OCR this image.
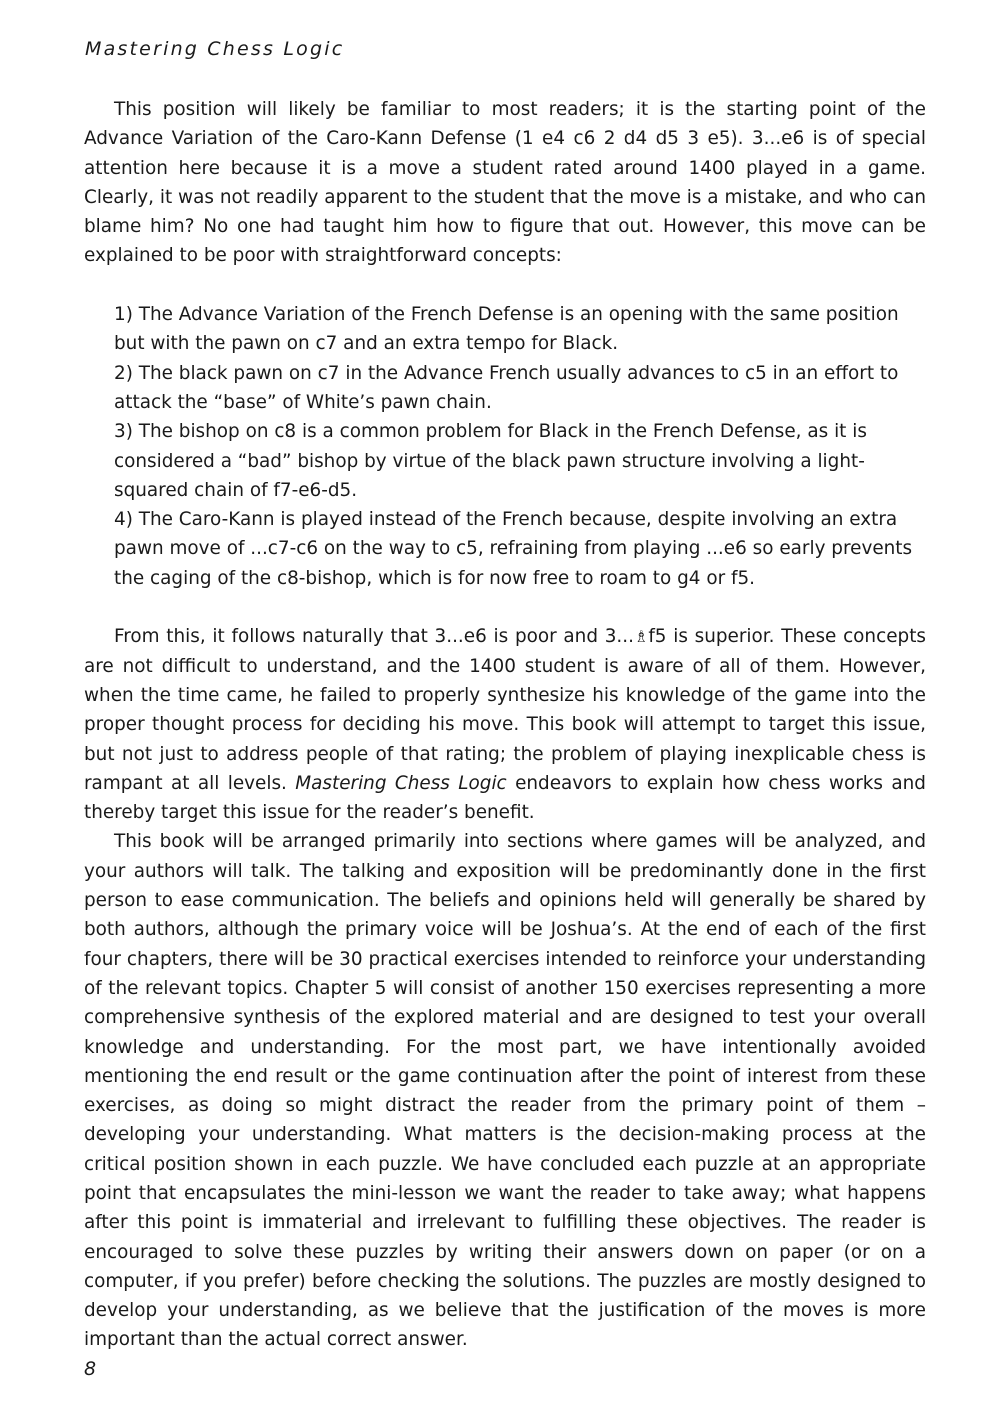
Mastering Chess Logic

This position will likely be familiar to most readers; it is the starting point of the Advance Variation of the Caro-Kann Defense (1 e4 c6 2 d4 d5 3 e5). 3...e6 is of special attention here because it is a move a student rated around 1400 played in a game. Clearly, it was not readily apparent to the student that the move is a mistake, and who can blame him? No one had taught him how to figure that out. However, this move can be explained to be poor with straightforward concepts:

1) The Advance Variation of the French Defense is an opening with the same position but with the pawn on c7 and an extra tempo for Black.
2) The black pawn on c7 in the Advance French usually advances to c5 in an effort to attack the “base” of White’s pawn chain.
3) The bishop on c8 is a common problem for Black in the French Defense, as it is considered a “bad” bishop by virtue of the black pawn structure involving a light-squared chain of f7-e6-d5.
4) The Caro-Kann is played instead of the French because, despite involving an extra pawn move of ...c7-c6 on the way to c5, refraining from playing ...e6 so early prevents the caging of the c8-bishop, which is for now free to roam to g4 or f5.

From this, it follows naturally that 3...e6 is poor and 3...♗f5 is superior. These concepts are not difficult to understand, and the 1400 student is aware of all of them. However, when the time came, he failed to properly synthesize his knowledge of the game into the proper thought process for deciding his move. This book will attempt to target this issue, but not just to address people of that rating; the problem of playing inexplicable chess is rampant at all levels. Mastering Chess Logic endeavors to explain how chess works and thereby target this issue for the reader’s benefit.

This book will be arranged primarily into sections where games will be analyzed, and your authors will talk. The talking and exposition will be predominantly done in the first person to ease communication. The beliefs and opinions held will generally be shared by both authors, although the primary voice will be Joshua’s. At the end of each of the first four chapters, there will be 30 practical exercises intended to reinforce your understanding of the relevant topics. Chapter 5 will consist of another 150 exercises representing a more comprehensive synthesis of the explored material and are designed to test your overall knowledge and understanding. For the most part, we have intentionally avoided mentioning the end result or the game continuation after the point of interest from these exercises, as doing so might distract the reader from the primary point of them – developing your understanding. What matters is the decision-making process at the critical position shown in each puzzle. We have concluded each puzzle at an appropriate point that encapsulates the mini-lesson we want the reader to take away; what happens after this point is immaterial and irrelevant to fulfilling these objectives. The reader is encouraged to solve these puzzles by writing their answers down on paper (or on a computer, if you prefer) before checking the solutions. The puzzles are mostly designed to develop your understanding, as we believe that the justification of the moves is more important than the actual correct answer.

8
